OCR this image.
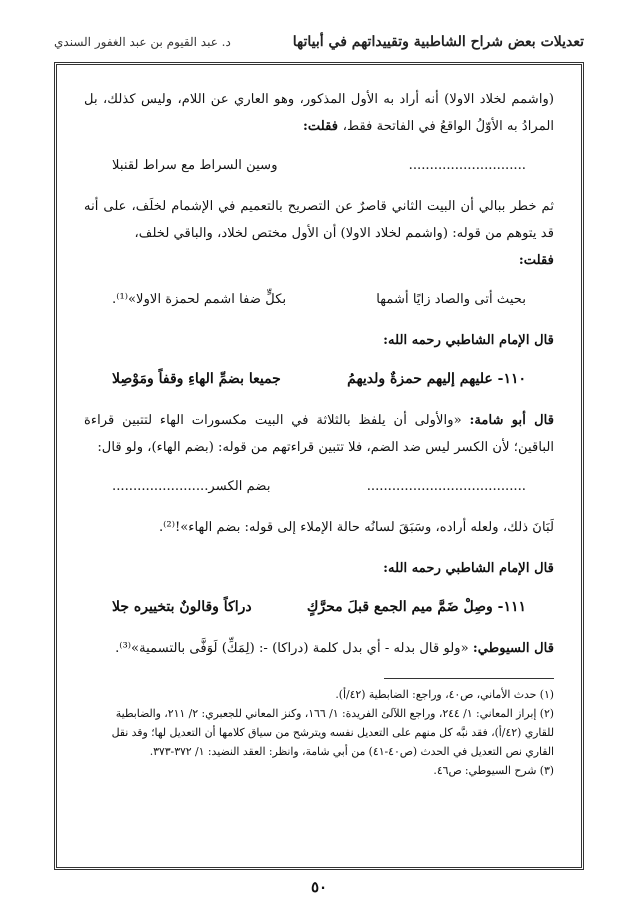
تعديلات بعض شراح الشاطبية وتقييداتهم في أبياتها
د. عبد القيوم بن عبد الغفور السندي

(واشمم لخلاد الاولا) أنه أراد به الأول المذكور، وهو العاري عن اللام، وليس كذلك، بل المرادُ به الأوّلُ الواقعُ في الفاتحة فقط، فقلت:

............................
وسين السراط مع سراط لقنبلا

ثم خطر ببالي أن البيت الثاني قاصرٌ عن التصريح بالتعميم في الإشمام لخلَف، على أنه قد يتوهم من قوله: (واشمم لخلاد الاولا) أن الأول مختص لخلاد، والباقي لخلف،
فقلت:

بحيث أتى والصاد زايًا أشمها
بكلٍّ ضفا اشمم لحمزة الاولا»⁽¹⁾.

قال الإمام الشاطبي رحمه الله:

١١٠- عليهم إليهم حمزةٌ ولديهمُ
جميعا بضمِّ الهاءِ وقفاً ومَوْصِلا

قال أبو شامة: «والأولى أن يلفظ بالثلاثة في البيت مكسورات الهاء لتتبين قراءة الباقين؛ لأن الكسر ليس ضد الضم، فلا تتبين قراءتهم من قوله: (بضم الهاء)، ولو قال:

......................................
بضم الكسر.......................

لَبَانَ ذلك، ولعله أراده، وسَبَقَ لسانُه حالة الإملاء إلى قوله: بضم الهاء»!⁽²⁾.

قال الإمام الشاطبي رحمه الله:

١١١- وصِلْ ضَمَّ ميم الجمع قبلَ محرَّكٍ
دراكاً وقالونٌ بتخييره جلا

قال السيوطي: «ولو قال بدله - أي بدل كلمة (دراكا) -: (لِمَكِّ) لَوَفَّى بالتسمية»⁽³⁾.

(١) حدث الأماني، ص٤٠، وراجع: الضابطية (٤٢/أ).

(٢) إبراز المعاني: ١/ ٢٤٤، وراجع اللآلئ الفريدة: ١/ ١٦٦، وكنز المعاني للجعبري: ٢/ ٢١١، والضابطية للقاري (٤٢/أ)، فقد نبَّه كل منهم على التعديل نفسه ويترشح من سياق كلامها أن التعديل لها؛ وقد نقل القاري نص التعديل في الحدث (ص٤٠-٤١) من أبي شامة، وانظر: العقد النضيد: ١/ ٣٧٢-٣٧٣.

(٣) شرح السيوطي: ص٤٦.

٥٠
